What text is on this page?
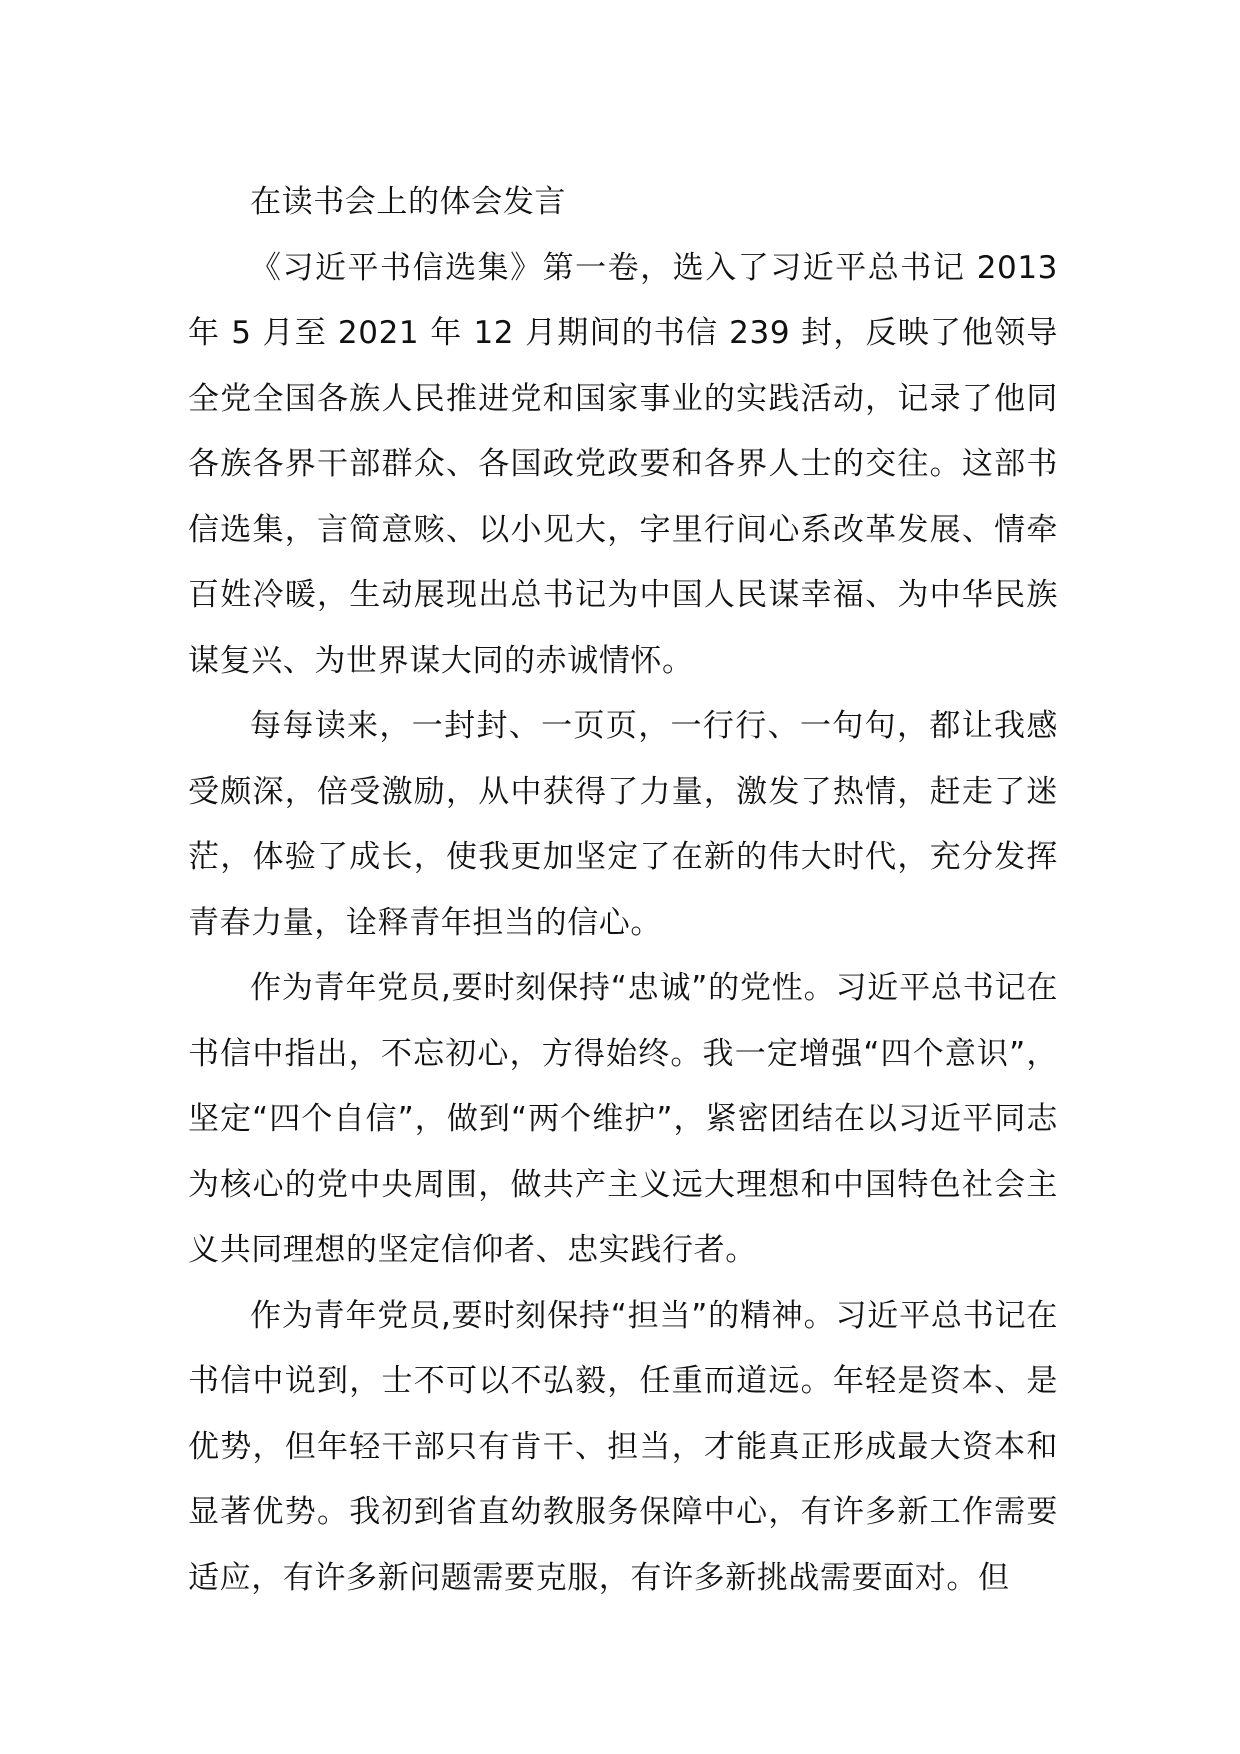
在读书会上的体会发言

《习近平书信选集》第一卷，选入了习近平总书记 2013 年 5 月至 2021 年 12 月期间的书信 239 封，反映了他领导全党全国各族人民推进党和国家事业的实践活动，记录了他同各族各界干部群众、各国政党政要和各界人士的交往。这部书信选集，言简意赅、以小见大，字里行间心系改革发展、情牵百姓冷暖，生动展现出总书记为中国人民谋幸福、为中华民族谋复兴、为世界谋大同的赤诚情怀。

每每读来，一封封、一页页，一行行、一句句，都让我感受颇深，倍受激励，从中获得了力量，激发了热情，赶走了迷茫，体验了成长，使我更加坚定了在新的伟大时代，充分发挥青春力量，诠释青年担当的信心。

作为青年党员,要时刻保持“忠诚”的党性。习近平总书记在书信中指出，不忘初心，方得始终。我一定增强“四个意识”，坚定“四个自信”，做到“两个维护”，紧密团结在以习近平同志为核心的党中央周围，做共产主义远大理想和中国特色社会主义共同理想的坚定信仰者、忠实践行者。

作为青年党员,要时刻保持“担当”的精神。习近平总书记在书信中说到，士不可以不弘毅，任重而道远。年轻是资本、是优势，但年轻干部只有肯干、担当，才能真正形成最大资本和显著优势。我初到省直幼教服务保障中心，有许多新工作需要适应，有许多新问题需要克服，有许多新挑战需要面对。但
